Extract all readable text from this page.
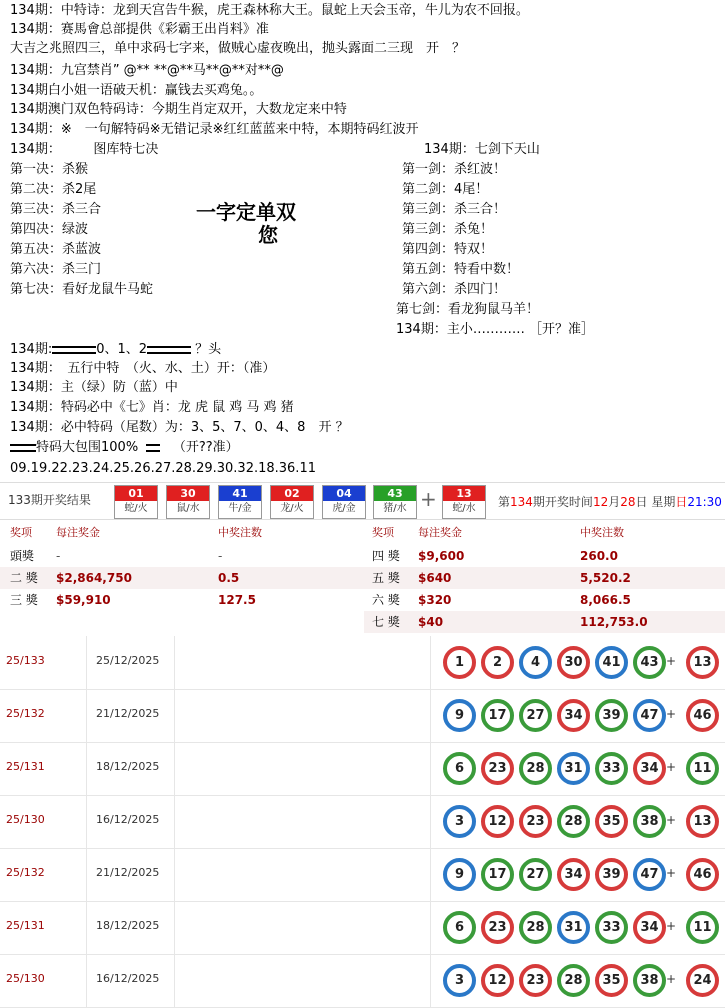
134期：中特诗：龙到天宫告牛猴，虎王森林称大王。鼠蛇上天会玉帝，牛儿为农不回报。
134期：赛馬會总部提供《彩霸王出肖料》准
大吉之兆照四三，单中求码七字来，做贼心虚夜晚出，抛头露面二三现　开　？
134期：九宫禁肖” @** **@**马**@**对**@
134期白小姐一语破天机：赢钱去买鸡兔。。
134期澳门双色特码诗：今期生肖定双开，大数龙定来中特
134期：※　一句解特码※无错记录※红红蓝蓝来中特，本期特码红波开
134期：　　　图库特七决
第一决：杀猴
第二决：杀2尾
第三决：杀三合
第四决：绿波
第五决：杀蓝波
第六决：杀三门
第七决：看好龙鼠牛马蛇
一字定单双
您
134期：七剑下天山
第一剑：杀红波！
第二剑：4尾！
第三剑：杀三合！
第三剑：杀兔！
第四剑：特双！
第五剑：特看中数！
第六剑：杀四门！
第七剑：看龙狗鼠马羊！
134期：主小………… ［开？准］
134期:	0、1、2	？头
134期：　五行中特　（火、水、土）开：（准）
134期：主（绿）防（蓝）中
134期：特码必中《七》肖：龙 虎 鼠 鸡 马 鸡 猪
134期：必中特码（尾数）为：3、5、7、0、4、8　开 ？
特码大包围100%	（开??准）
09.19.22.23.24.25.26.27.28.29.30.32.18.36.11
133期开奖结果	01
蛇/火
30
鼠/水
41
牛/金
02
龙/火
04
虎/金
43
猪/水 +	13
蛇/水	第134期开奖时间12月28日 星期日21:30
奖项 每注奖金	中奖注数	奖项 每注奖金	中奖注数
頭獎 -	-	四 獎 $9,600	260.0
二 獎 $2,864,750	0.5	五 獎 $640	5,520.2
三 獎 $59,910	127.5	六 獎 $320	8,066.5
七 獎 $40	112,753.0
25/133	25/12/2025	1	2	4	30	41	43 +	13
25/132	21/12/2025	9	17	27	34	39	47 +	46
25/131	18/12/2025	6	23	28	31	33	34 +	11
25/130	16/12/2025	3	12	23	28	35	38 +	13
25/132	21/12/2025	9	17	27	34	39	47 +	46
25/131	18/12/2025	6	23	28	31	33	34 +	11
25/130	16/12/2025	3	12	23	28	35	38 +	24
